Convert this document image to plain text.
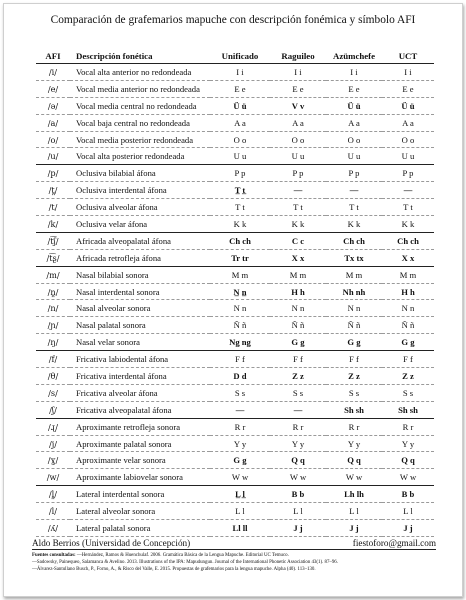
Comparación de grafemarios mapuche con descripción fonémica y símbolo AFI
AFI	Descripción fonética	Unificado	Raguileo	Azümchefe	UCT
/i/	Vocal alta anterior no redondeada	I i	I i	I i	I i
/e/	Vocal media anterior no redondeada	E e	E e	E e	E e
/ə/	Vocal media central no redondeada	Ü ü	V v	Ü ü	Ü ü
/a/	Vocal baja central no redondeada	A a	A a	A a	A a
/o/	Vocal media posterior redondeada	O o	O o	O o	O o
/u/	Vocal alta posterior redondeada	U u	U u	U u	U u
/p/	Oclusiva bilabial áfona	P p	P p	P p	P p
/t̪/	Oclusiva interdental áfona	T̲ t̲	—	—	—
/t/	Oclusiva alveolar áfona	T t	T t	T t	T t
/k/	Oclusiva velar áfona	K k	K k	K k	K k
/t͡ʃ/	Africada alveopalatal áfona	Ch ch	C c	Ch ch	Ch ch
/t͡ʂ/	Africada retrofleja áfona	Tr tr	X x	Tx tx	X x
/m/	Nasal bilabial sonora	M m	M m	M m	M m
/n̪/	Nasal interdental sonora	N̲ n̲	H h	Nh nh	H h
/n/	Nasal alveolar sonora	N n	N n	N n	N n
/ɲ/	Nasal palatal sonora	Ñ ñ	Ñ ñ	Ñ ñ	Ñ ñ
/ŋ/	Nasal velar sonora	Ng ng	G g	G g	G g
/f/	Fricativa labiodental áfona	F f	F f	F f	F f
/θ/	Fricativa interdental áfona	D d	Z z	Z z	Z z
/s/	Fricativa alveolar áfona	S s	S s	S s	S s
/ʃ/	Fricativa alveopalatal áfona	—	—	Sh sh	Sh sh
/ɻ/	Aproximante retrofleja sonora	R r	R r	R r	R r
/j/	Aproximante palatal sonora	Y y	Y y	Y y	Y y
/ɣ/	Aproximante velar sonora	G g	Q q	Q q	Q q
/w/	Aproximante labiovelar sonora	W w	W w	W w	W w
/l̪/	Lateral interdental sonora	L̲ l̲	B b	Lh lh	B b
/l/	Lateral alveolar sonora	L l	L l	L l	L l
/ʎ/	Lateral palatal sonora	Ll ll	J j	J j	J j
Aldo Berrios (Universidad de Concepción)	fiestoforo@gmail.com
Fuentes consultadas: —Hernández, Ramos & Huenchulaf. 2006. Gramática Básica de la Lengua Mapuche. Editorial UC Temuco.
—Sadowsky, Painequeo, Salamanca & Avelino. 2013. Illustrations of the IPA: Mapudungun. Journal of the International Phonetic Association 43(1). 87–96.
—Álvarez-Santullano Busch, P., Forno, A., & Risco del Valle, E. 2015. Propuestas de grafemarios para la lengua mapuche. Alpha (40). 113–130.
